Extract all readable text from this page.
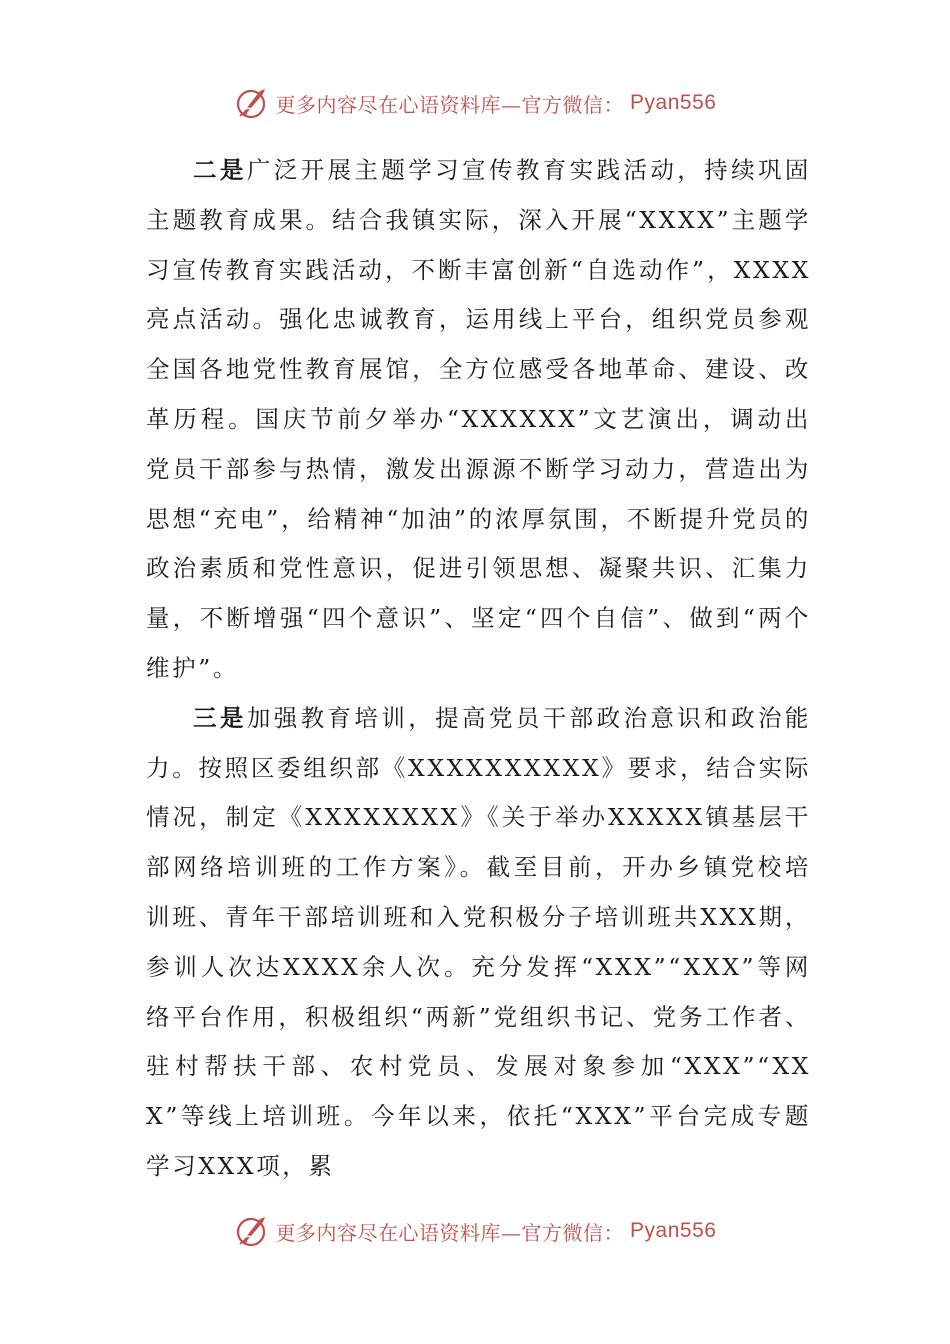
更多内容尽在心语资料库—官方微信： Pyan556

二是广泛开展主题学习宣传教育实践活动，持续巩固主题教育成果。结合我镇实际，深入开展“XXXX”主题学习宣传教育实践活动，不断丰富创新“自选动作”，XXXX亮点活动。强化忠诚教育，运用线上平台，组织党员参观全国各地党性教育展馆，全方位感受各地革命、建设、改革历程。国庆节前夕举办“XXXXXX”文艺演出，调动出党员干部参与热情，激发出源源不断学习动力，营造出为思想“充电”，给精神“加油”的浓厚氛围，不断提升党员的政治素质和党性意识，促进引领思想、凝聚共识、汇集力量，不断增强“四个意识”、坚定“四个自信”、做到“两个维护”。

三是加强教育培训，提高党员干部政治意识和政治能力。按照区委组织部《XXXXXXXXXX》要求，结合实际情况，制定《XXXXXXXX》《关于举办XXXXX镇基层干部网络培训班的工作方案》。截至目前，开办乡镇党校培训班、青年干部培训班和入党积极分子培训班共XXX期，参训人次达XXXX余人次。充分发挥“XXX”“XXX”等网络平台作用，积极组织“两新”党组织书记、党务工作者、驻村帮扶干部、农村党员、发展对象参加“XXX”“XXX”等线上培训班。今年以来，依托“XXX”平台完成专题学习XXX项，累

更多内容尽在心语资料库—官方微信： Pyan556
